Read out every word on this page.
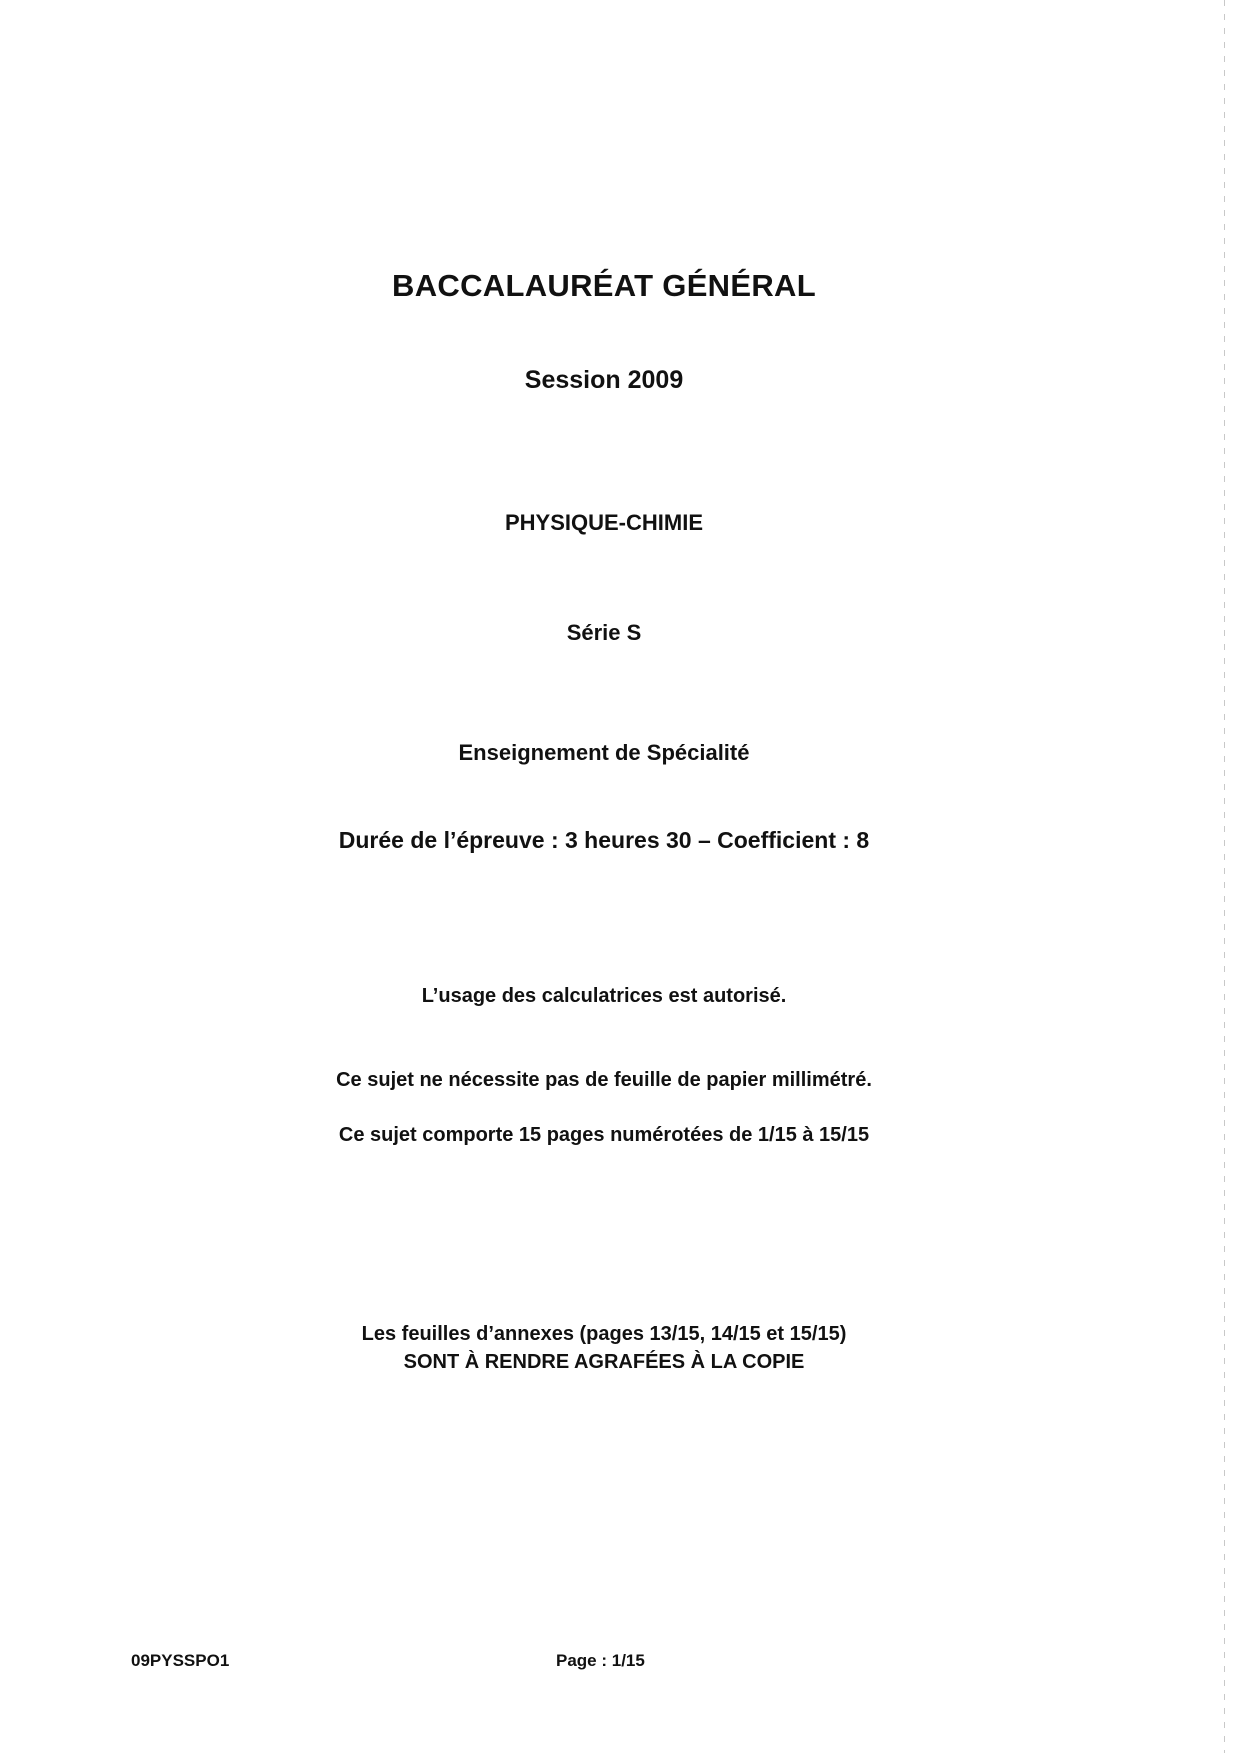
BACCALAURÉAT GÉNÉRAL
Session 2009
PHYSIQUE-CHIMIE
Série S
Enseignement de Spécialité
Durée de l’épreuve : 3 heures 30 – Coefficient : 8
L’usage des calculatrices est autorisé.
Ce sujet ne nécessite pas de feuille de papier millimétré.
Ce sujet comporte 15 pages numérotées de 1/15 à 15/15
Les feuilles d’annexes (pages 13/15, 14/15 et 15/15)
SONT À RENDRE AGRAFÉES À LA COPIE
09PYSSPO1	Page : 1/15
